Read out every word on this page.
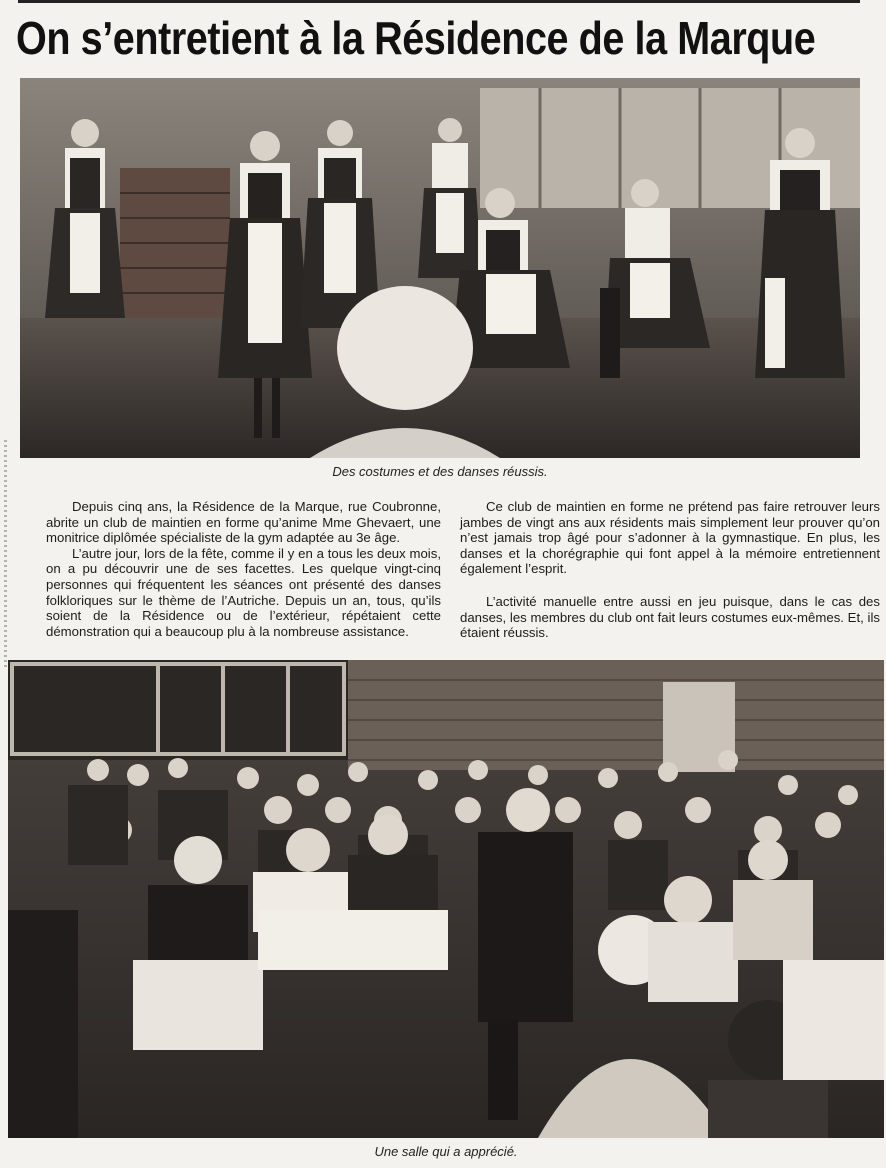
On s’entretient à la Résidence de la Marque
Des costumes et des danses réussis.

Depuis cinq ans, la Résidence de la Marque, rue Coubronne, abrite un club de maintien en forme qu’anime Mme Ghevaert, une monitrice diplômée spécialiste de la gym adaptée au 3e âge.

L’autre jour, lors de la fête, comme il y en a tous les deux mois, on a pu découvrir une de ses facettes. Les quelque vingt-cinq personnes qui fréquentent les séances ont présenté des danses folkloriques sur le thème de l’Autriche. Depuis un an, tous, qu’ils soient de la Résidence ou de l’extérieur, répétaient cette démonstration qui a beaucoup plu à la nombreuse assistance.

Ce club de maintien en forme ne prétend pas faire retrouver leurs jambes de vingt ans aux résidents mais simplement leur prouver qu’on n’est jamais trop âgé pour s’adonner à la gymnastique. En plus, les danses et la chorégraphie qui font appel à la mémoire entretiennent également l’esprit.

L’activité manuelle entre aussi en jeu puisque, dans le cas des danses, les membres du club ont fait leurs costumes eux-mêmes. Et, ils étaient réussis.

Une salle qui a apprécié.
